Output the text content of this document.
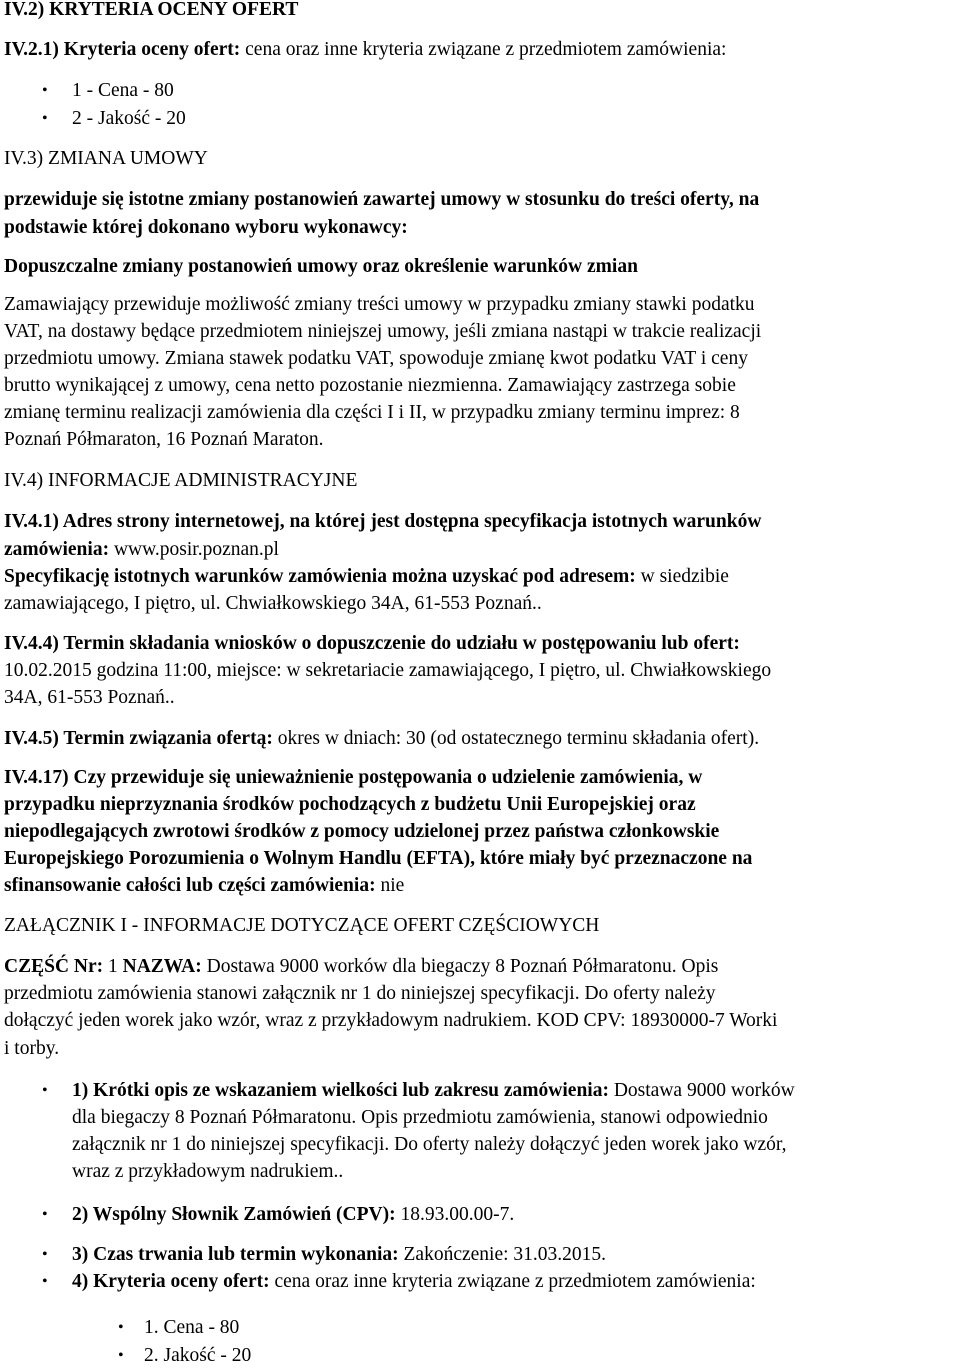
IV.2) KRYTERIA OCENY OFERT
IV.2.1) Kryteria oceny ofert: cena oraz inne kryteria związane z przedmiotem zamówienia:
• 1 - Cena - 80
• 2 - Jakość - 20
IV.3) ZMIANA UMOWY
przewiduje się istotne zmiany postanowień zawartej umowy w stosunku do treści oferty, na
podstawie której dokonano wyboru wykonawcy:
Dopuszczalne zmiany postanowień umowy oraz określenie warunków zmian
Zamawiający przewiduje możliwość zmiany treści umowy w przypadku zmiany stawki podatku
VAT, na dostawy będące przedmiotem niniejszej umowy, jeśli zmiana nastąpi w trakcie realizacji
przedmiotu umowy. Zmiana stawek podatku VAT, spowoduje zmianę kwot podatku VAT i ceny
brutto wynikającej z umowy, cena netto pozostanie niezmienna. Zamawiający zastrzega sobie
zmianę terminu realizacji zamówienia dla części I i II, w przypadku zmiany terminu imprez: 8
Poznań Półmaraton, 16 Poznań Maraton.
IV.4) INFORMACJE ADMINISTRACYJNE
IV.4.1) Adres strony internetowej, na której jest dostępna specyfikacja istotnych warunków
zamówienia: www.posir.poznan.pl
Specyfikację istotnych warunków zamówienia można uzyskać pod adresem: w siedzibie
zamawiającego, I piętro, ul. Chwiałkowskiego 34A, 61-553 Poznań..
IV.4.4) Termin składania wniosków o dopuszczenie do udziału w postępowaniu lub ofert:
10.02.2015 godzina 11:00, miejsce: w sekretariacie zamawiającego, I piętro, ul. Chwiałkowskiego
34A, 61-553 Poznań..
IV.4.5) Termin związania ofertą: okres w dniach: 30 (od ostatecznego terminu składania ofert).
IV.4.17) Czy przewiduje się unieważnienie postępowania o udzielenie zamówienia, w
przypadku nieprzyznania środków pochodzących z budżetu Unii Europejskiej oraz
niepodlegających zwrotowi środków z pomocy udzielonej przez państwa członkowskie
Europejskiego Porozumienia o Wolnym Handlu (EFTA), które miały być przeznaczone na
sfinansowanie całości lub części zamówienia: nie
ZAŁĄCZNIK I - INFORMACJE DOTYCZĄCE OFERT CZĘŚCIOWYCH
CZĘŚĆ Nr: 1 NAZWA: Dostawa 9000 worków dla biegaczy 8 Poznań Półmaratonu. Opis
przedmiotu zamówienia stanowi załącznik nr 1 do niniejszej specyfikacji. Do oferty należy
dołączyć jeden worek jako wzór, wraz z przykładowym nadrukiem. KOD CPV: 18930000-7 Worki
i torby.
• 1) Krótki opis ze wskazaniem wielkości lub zakresu zamówienia: Dostawa 9000 worków
dla biegaczy 8 Poznań Półmaratonu. Opis przedmiotu zamówienia, stanowi odpowiednio
załącznik nr 1 do niniejszej specyfikacji. Do oferty należy dołączyć jeden worek jako wzór,
wraz z przykładowym nadrukiem..
• 2) Wspólny Słownik Zamówień (CPV): 18.93.00.00-7.
• 3) Czas trwania lub termin wykonania: Zakończenie: 31.03.2015.
• 4) Kryteria oceny ofert: cena oraz inne kryteria związane z przedmiotem zamówienia:
• 1. Cena - 80
• 2. Jakość - 20
